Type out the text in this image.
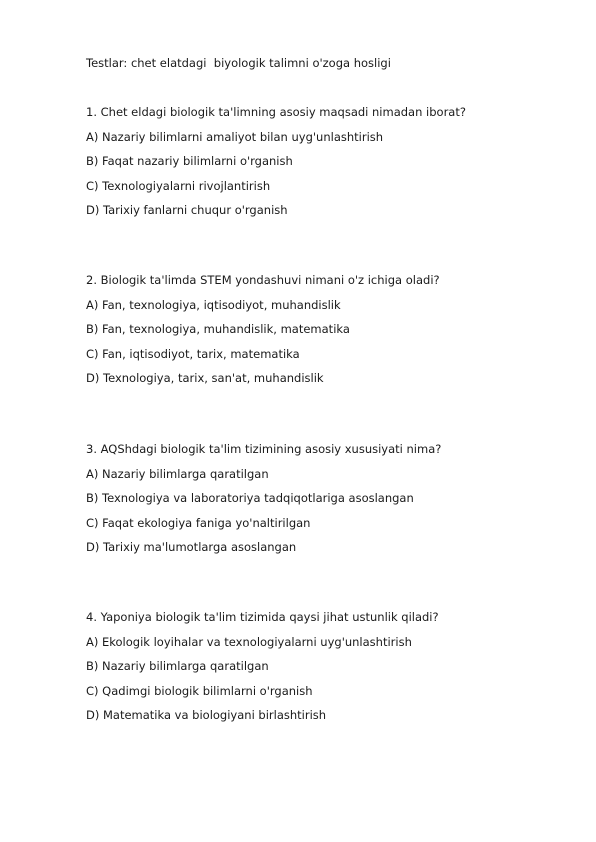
Testlar: chet elatdagi  biyologik talimni o'zoga hosligi
1. Chet eldagi biologik ta'limning asosiy maqsadi nimadan iborat?
A) Nazariy bilimlarni amaliyot bilan uyg'unlashtirish
B) Faqat nazariy bilimlarni o'rganish
C) Texnologiyalarni rivojlantirish
D) Tarixiy fanlarni chuqur o'rganish
2. Biologik ta'limda STEM yondashuvi nimani o'z ichiga oladi?
A) Fan, texnologiya, iqtisodiyot, muhandislik
B) Fan, texnologiya, muhandislik, matematika
C) Fan, iqtisodiyot, tarix, matematika
D) Texnologiya, tarix, san'at, muhandislik
3. AQShdagi biologik ta'lim tizimining asosiy xususiyati nima?
A) Nazariy bilimlarga qaratilgan
B) Texnologiya va laboratoriya tadqiqotlariga asoslangan
C) Faqat ekologiya faniga yo'naltirilgan
D) Tarixiy ma'lumotlarga asoslangan
4. Yaponiya biologik ta'lim tizimida qaysi jihat ustunlik qiladi?
A) Ekologik loyihalar va texnologiyalarni uyg'unlashtirish
B) Nazariy bilimlarga qaratilgan
C) Qadimgi biologik bilimlarni o'rganish
D) Matematika va biologiyani birlashtirish
